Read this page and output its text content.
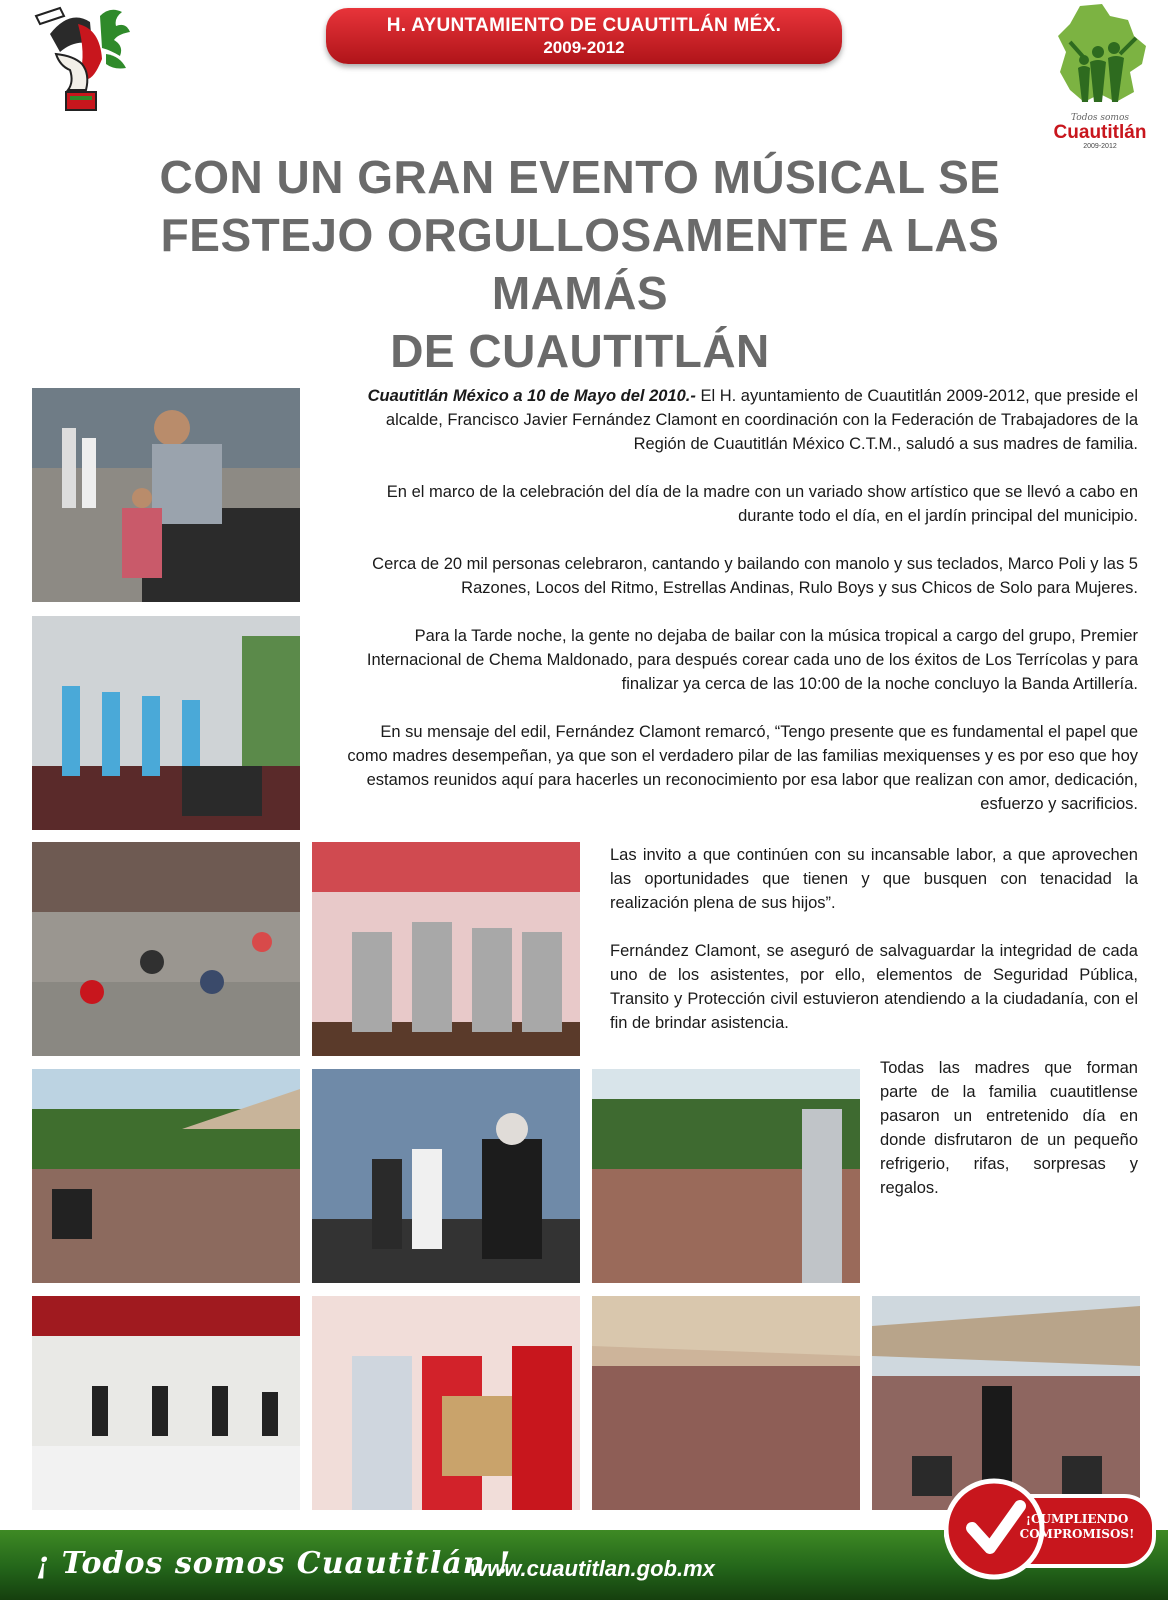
H. AYUNTAMIENTO DE CUAUTITLÁN MÉX.
2009-2012
Todos somos
Cuautitlán
2009-2012
CON UN GRAN EVENTO MÚSICAL SE
FESTEJO ORGULLOSAMENTE A LAS MAMÁS
DE CUAUTITLÁN

Cuautitlán México a 10 de Mayo del 2010.- El H. ayuntamiento de Cuautitlán 2009-2012, que preside el alcalde, Francisco Javier Fernández Clamont en coordinación con la Federación de Trabajadores de la Región de Cuautitlán México C.T.M., saludó a sus madres de familia.

En el marco de la celebración del día de la madre con un variado show artístico que se llevó a cabo en durante todo el día, en el jardín principal del municipio.

Cerca de 20 mil personas celebraron, cantando y bailando con manolo y sus teclados, Marco Poli y las 5 Razones, Locos del Ritmo, Estrellas Andinas, Rulo Boys y sus Chicos de Solo para Mujeres.

Para la Tarde noche, la gente no dejaba de bailar con la música tropical a cargo del grupo, Premier Internacional de Chema Maldonado, para después corear cada uno de los éxitos de Los Terrícolas y para finalizar ya cerca de las 10:00 de la noche concluyo la Banda Artillería.

En su mensaje del edil, Fernández Clamont remarcó, “Tengo presente que es fundamental el papel que como madres desempeñan, ya que son el verdadero pilar de las familias mexiquenses y es por eso que hoy estamos reunidos aquí para hacerles un reconocimiento por esa labor que realizan con amor, dedicación, esfuerzo y sacrificios.

Las invito a que continúen con su incansable labor, a que aprovechen las oportunidades que tienen y que busquen con tenacidad la realización plena de sus hijos”.

Fernández Clamont, se aseguró de salvaguardar la integridad de cada uno de los asistentes, por ello, elementos de Seguridad Pública, Transito y Protección civil estuvieron atendiendo a la ciudadanía, con el fin de brindar asistencia.

Todas las madres que forman parte de la familia cuautitlense pasaron un entretenido día en donde disfrutaron de un pequeño refrigerio, rifas, sorpresas y regalos.

¡ Todos somos Cuautitlán !
www.cuautitlan.gob.mx
¡CUMPLIENDO
COMPROMISOS!
